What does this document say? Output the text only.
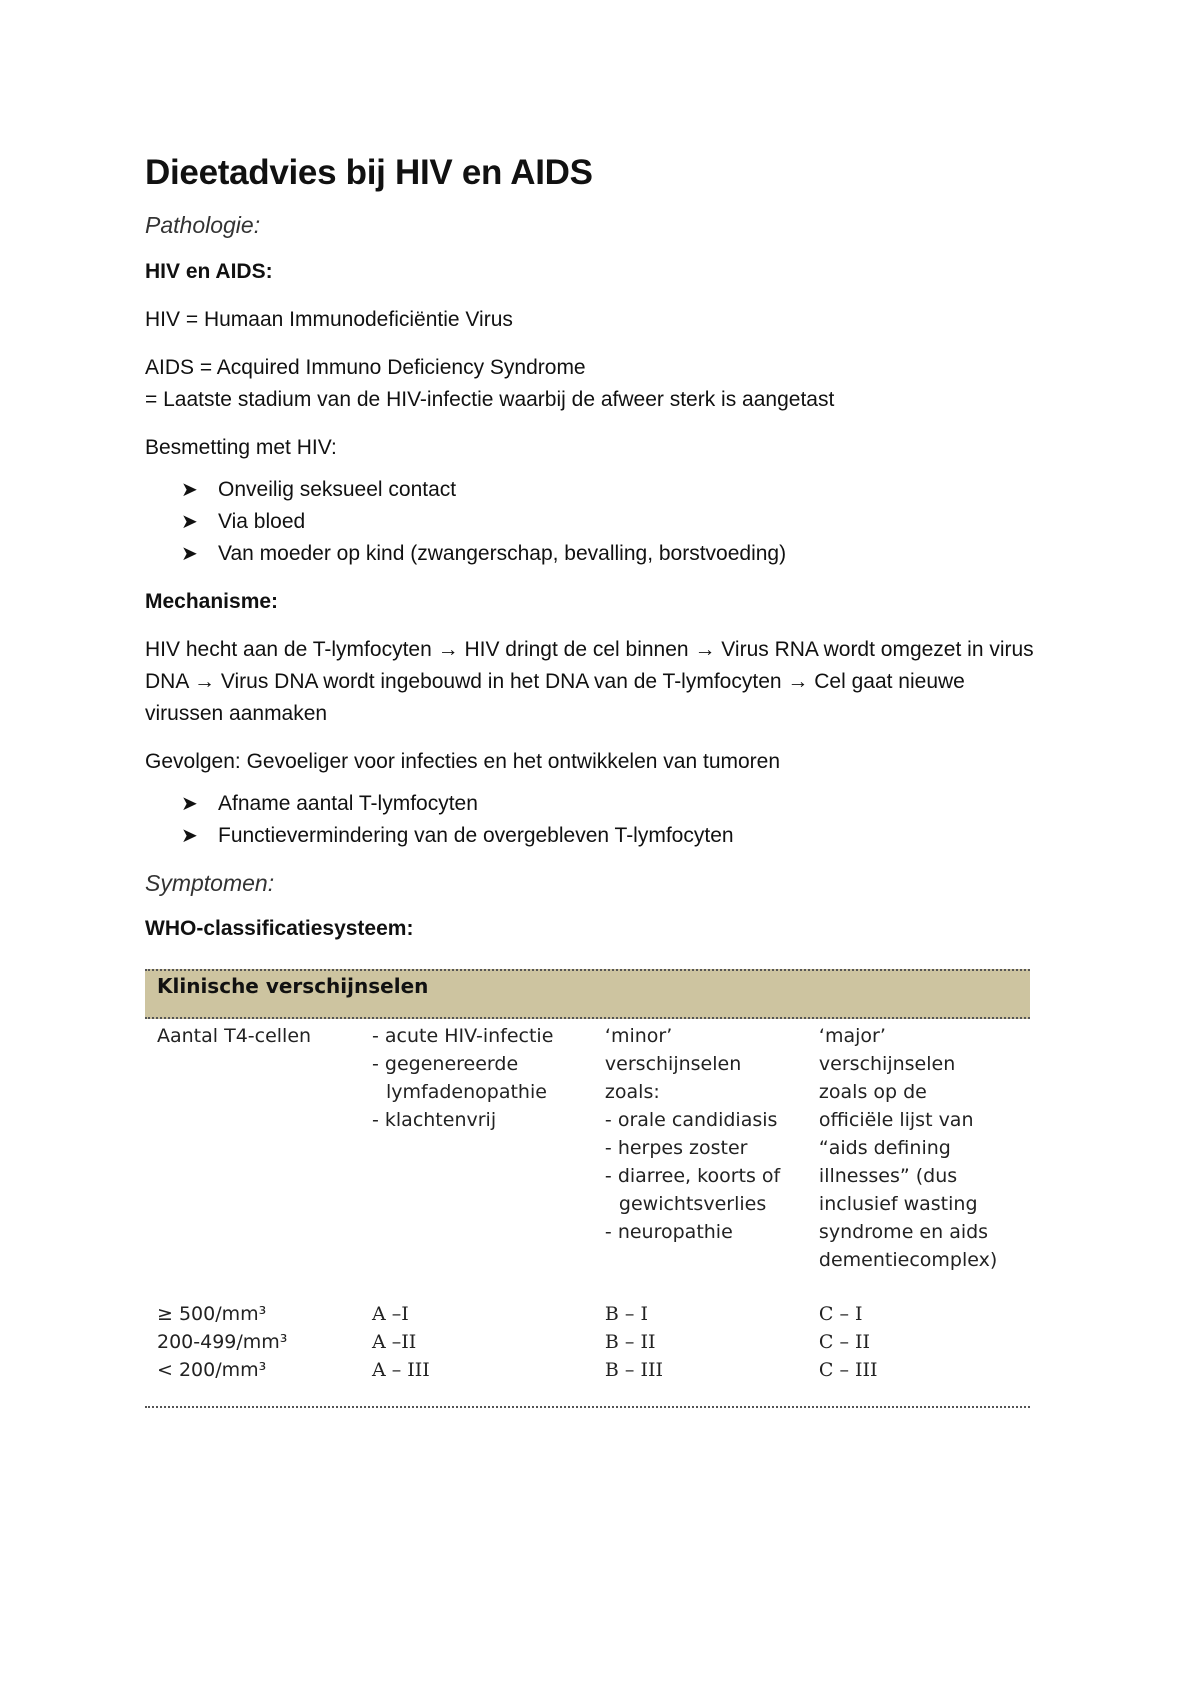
Dieetadvies bij HIV en AIDS
Pathologie:

HIV en AIDS:

HIV = Humaan Immunodeficiëntie Virus

AIDS = Acquired Immuno Deficiency Syndrome

= Laatste stadium van de HIV-infectie waarbij de afweer sterk is aangetast

Besmetting met HIV:

➤ Onveilig seksueel contact
➤ Via bloed
➤ Van moeder op kind (zwangerschap, bevalling, borstvoeding)

Mechanisme:

HIV hecht aan de T-lymfocyten → HIV dringt de cel binnen → Virus RNA wordt omgezet in virus DNA → Virus DNA wordt ingebouwd in het DNA van de T-lymfocyten → Cel gaat nieuwe virussen aanmaken

Gevolgen: Gevoeliger voor infecties en het ontwikkelen van tumoren

➤ Afname aantal T-lymfocyten
➤ Functievermindering van de overgebleven T-lymfocyten
Symptomen:

WHO-classificatiesysteem:

Klinische verschijnselen
Aantal T4-cellen	- acute HIV-infectie
- gegenereerde
lymfadenopathie
- klachtenvrij
‘minor’
verschijnselen
zoals:
- orale candidiasis
- herpes zoster
- diarree, koorts of
gewichtsverlies
- neuropathie
‘major’
verschijnselen
zoals op de
officiële lijst van
“aids defining
illnesses” (dus
inclusief wasting
syndrome en aids
dementiecomplex)
≥ 500/mm³
200-499/mm³
< 200/mm³
A –I
A –II
A – III
B – I
B – II
B – III
C – I
C – II
C – III
